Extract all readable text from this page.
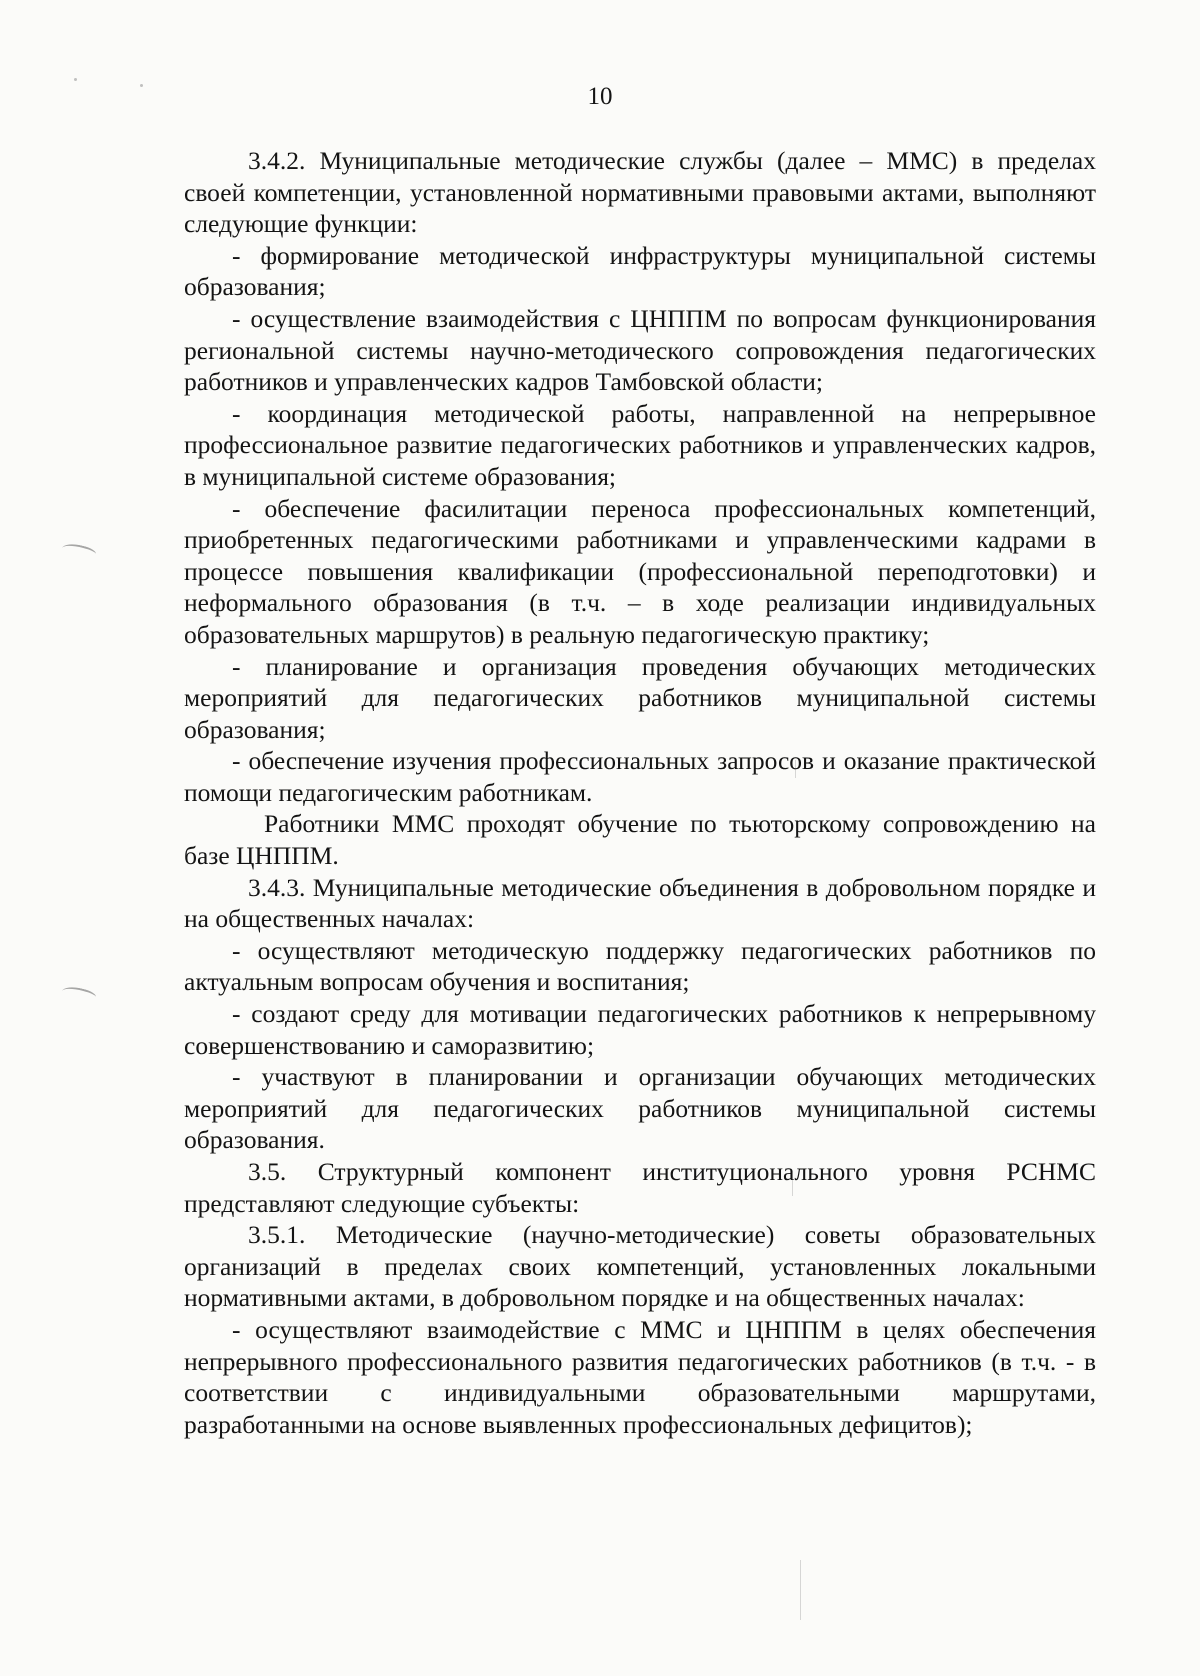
10

3.4.2. Муниципальные методические службы (далее – ММС) в пределах своей компетенции, установленной нормативными правовыми актами, выполняют следующие функции:

- формирование методической инфраструктуры муниципальной системы образования;

- осуществление взаимодействия с ЦНППМ по вопросам функционирования региональной системы научно-методического сопровождения педагогических работников и управленческих кадров Тамбовской области;

- координация методической работы, направленной на непрерывное профессиональное развитие педагогических работников и управленческих кадров, в муниципальной системе образования;

- обеспечение фасилитации переноса профессиональных компетенций, приобретенных педагогическими работниками и управленческими кадрами в процессе повышения квалификации (профессиональной переподготовки) и неформального образования (в т.ч. – в ходе реализации индивидуальных образовательных маршрутов) в реальную педагогическую практику;

- планирование и организация проведения обучающих методических мероприятий для педагогических работников муниципальной системы образования;

- обеспечение изучения профессиональных запросов и оказание практической помощи педагогическим работникам.

Работники ММС проходят обучение по тьюторскому сопровождению на базе ЦНППМ.

3.4.3. Муниципальные методические объединения в добровольном порядке и на общественных началах:

- осуществляют методическую поддержку педагогических работников по актуальным вопросам обучения и воспитания;

- создают среду для мотивации педагогических работников к непрерывному совершенствованию и саморазвитию;

- участвуют в планировании и организации обучающих методических мероприятий для педагогических работников муниципальной системы образования.

3.5. Структурный компонент институционального уровня РСНМС представляют следующие субъекты:

3.5.1. Методические (научно-методические) советы образовательных организаций в пределах своих компетенций, установленных локальными нормативными актами, в добровольном порядке и на общественных началах:

- осуществляют взаимодействие с ММС и ЦНППМ в целях обеспечения непрерывного профессионального развития педагогических работников (в т.ч. - в соответствии с индивидуальными образовательными маршрутами, разработанными на основе выявленных профессиональных дефицитов);
